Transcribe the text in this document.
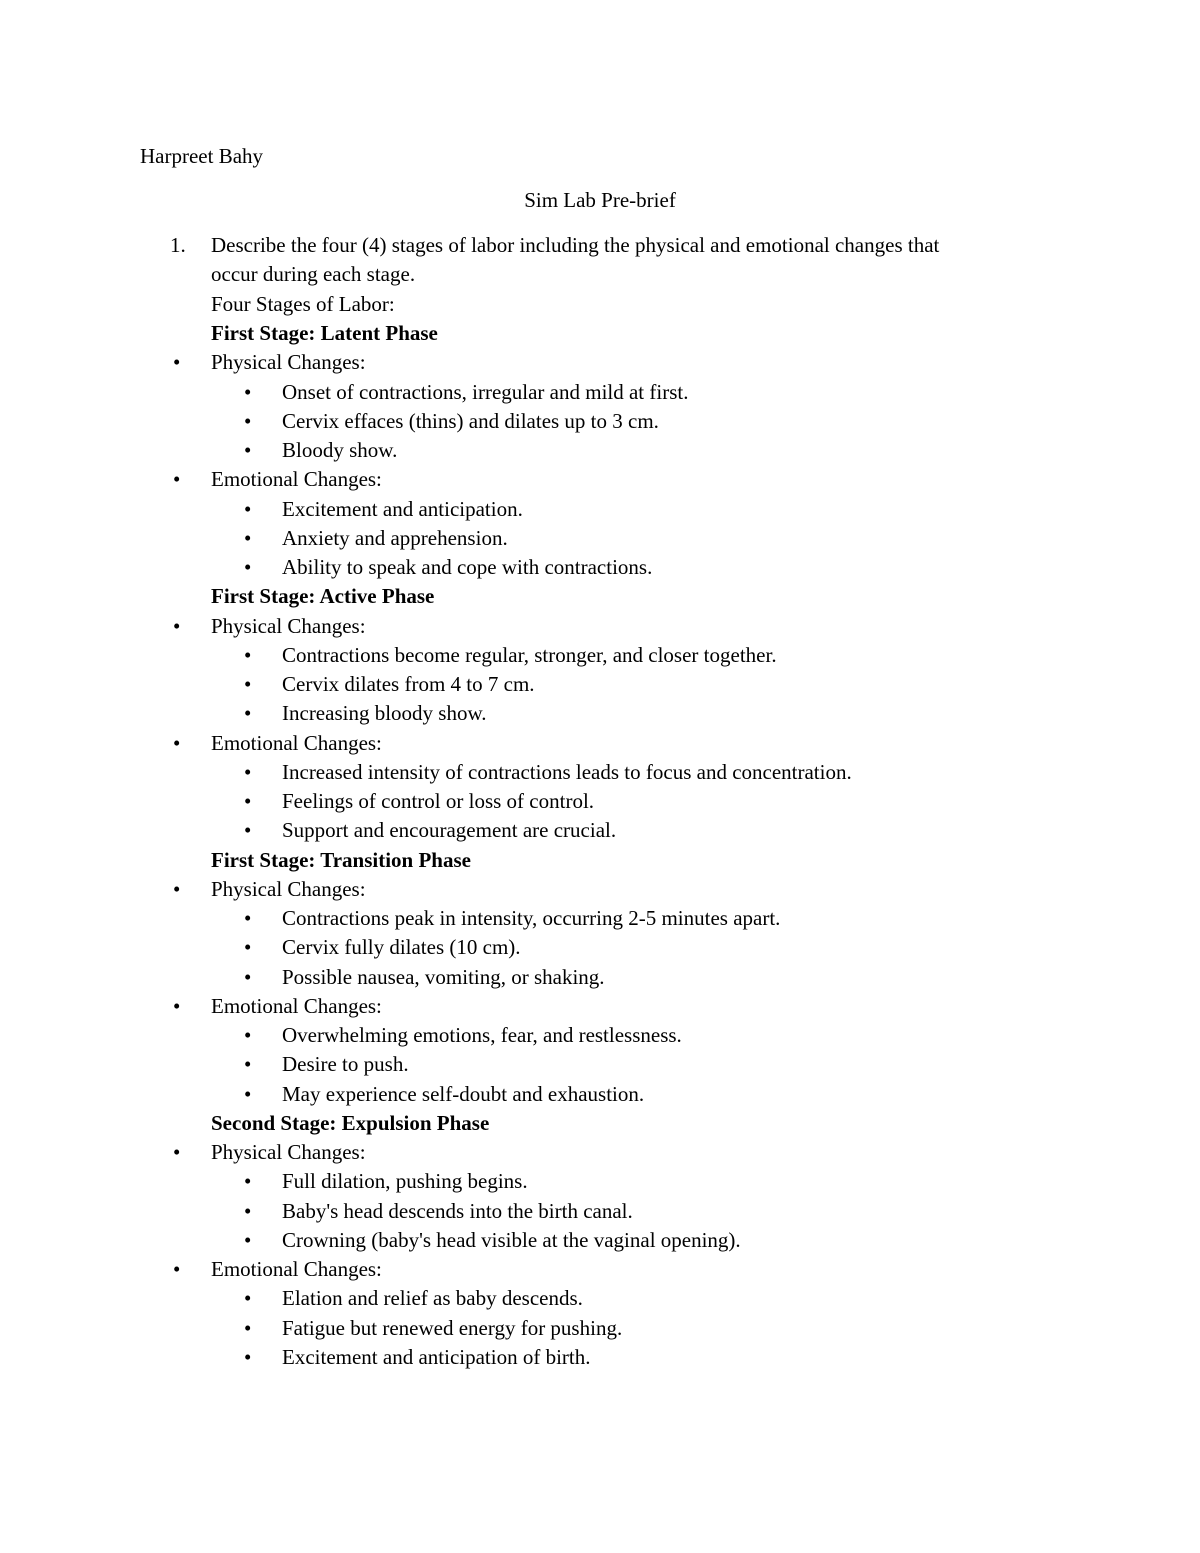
Harpreet Bahy
Sim Lab Pre-brief
1. Describe the four (4) stages of labor including the physical and emotional changes that
occur during each stage.
Four Stages of Labor:
First Stage: Latent Phase
• Physical Changes:
• Onset of contractions, irregular and mild at first.
• Cervix effaces (thins) and dilates up to 3 cm.
• Bloody show.
• Emotional Changes:
• Excitement and anticipation.
• Anxiety and apprehension.
• Ability to speak and cope with contractions.
First Stage: Active Phase
• Physical Changes:
• Contractions become regular, stronger, and closer together.
• Cervix dilates from 4 to 7 cm.
• Increasing bloody show.
• Emotional Changes:
• Increased intensity of contractions leads to focus and concentration.
• Feelings of control or loss of control.
• Support and encouragement are crucial.
First Stage: Transition Phase
• Physical Changes:
• Contractions peak in intensity, occurring 2-5 minutes apart.
• Cervix fully dilates (10 cm).
• Possible nausea, vomiting, or shaking.
• Emotional Changes:
• Overwhelming emotions, fear, and restlessness.
• Desire to push.
• May experience self-doubt and exhaustion.
Second Stage: Expulsion Phase
• Physical Changes:
• Full dilation, pushing begins.
• Baby's head descends into the birth canal.
• Crowning (baby's head visible at the vaginal opening).
• Emotional Changes:
• Elation and relief as baby descends.
• Fatigue but renewed energy for pushing.
• Excitement and anticipation of birth.
